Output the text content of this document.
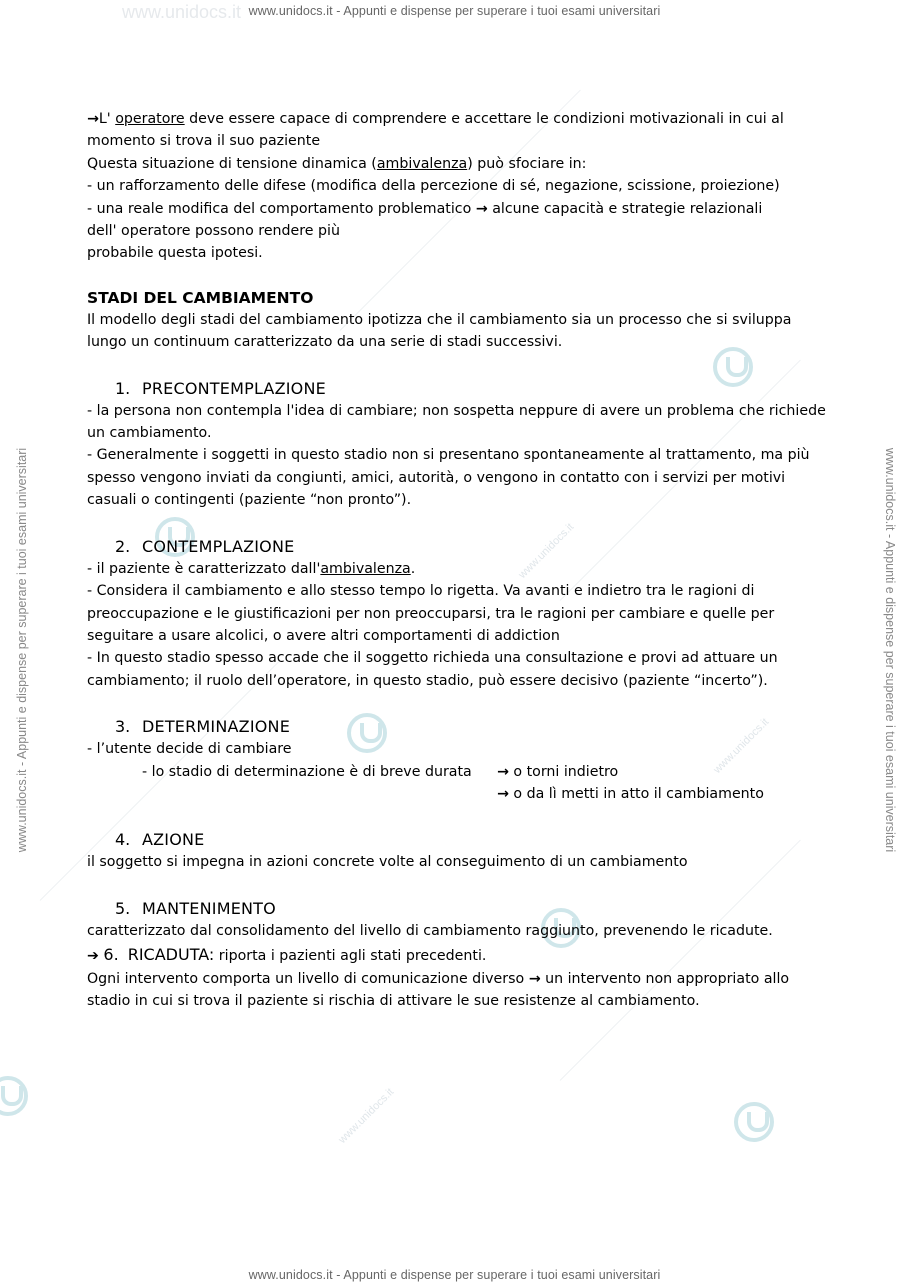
www.unidocs.it
www.unidocs.it
www.unidocs.it
www.unidocs.it
www.unidocs.it - Appunti e dispense per superare i tuoi esami universitari
www.unidocs.it - Appunti e dispense per superare i tuoi esami universitari
www.unidocs.it - Appunti e dispense per superare i tuoi esami universitari	www.unidocs.it - Appunti e dispense per superare i tuoi esami universitari

→L' operatore deve essere capace di comprendere e accettare le condizioni motivazionali in cui al momento si trova il suo paziente

Questa situazione di tensione dinamica (ambivalenza) può sfociare in:

- un rafforzamento delle difese (modifica della percezione di sé, negazione, scissione, proiezione)

- una reale modifica del comportamento problematico → alcune capacità e strategie relazionali

dell' operatore possono rendere più

probabile questa ipotesi.

STADI DEL CAMBIAMENTO

Il modello degli stadi del cambiamento ipotizza che il cambiamento sia un processo che si sviluppa lungo un continuum caratterizzato da una serie di stadi successivi.

1. PRECONTEMPLAZIONE

- la persona non contempla l'idea di cambiare; non sospetta neppure di avere un problema che richiede un cambiamento.

- Generalmente i soggetti in questo stadio non si presentano spontaneamente al trattamento, ma più spesso vengono inviati da congiunti, amici, autorità, o vengono in contatto con i servizi per motivi casuali o contingenti (paziente “non pronto”).

2. CONTEMPLAZIONE

- il paziente è caratterizzato dall'ambivalenza.

- Considera il cambiamento e allo stesso tempo lo rigetta. Va avanti e indietro tra le ragioni di preoccupazione e le giustificazioni per non preoccuparsi, tra le ragioni per cambiare e quelle per seguitare a usare alcolici, o avere altri comportamenti di addiction

- In questo stadio spesso accade che il soggetto richieda una consultazione e provi ad attuare un cambiamento; il ruolo dell’operatore, in questo stadio, può essere decisivo (paziente “incerto”).

3. DETERMINAZIONE

- l’utente decide di cambiare

- lo stadio di determinazione è di breve durata → o torni indietro
→ o da lì metti in atto il cambiamento
4. AZIONE

il soggetto si impegna in azioni concrete volte al conseguimento di un cambiamento

5. MANTENIMENTO

caratterizzato dal consolidamento del livello di cambiamento raggiunto, prevenendo le ricadute.

➔ 6. RICADUTA: riporta i pazienti agli stati precedenti.

Ogni intervento comporta un livello di comunicazione diverso → un intervento non appropriato allo stadio in cui si trova il paziente si rischia di attivare le sue resistenze al cambiamento.
